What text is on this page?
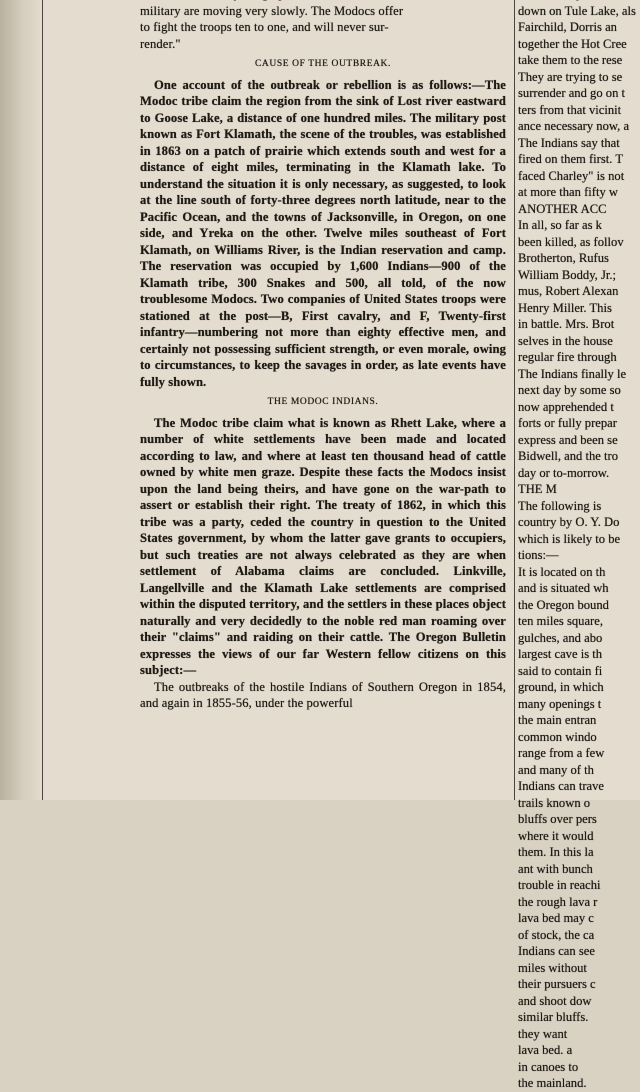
military are moving very slowly. The Modocs offer

to fight the troops ten to one, and will never sur-

render."

CAUSE OF THE OUTBREAK.

One account of the outbreak or rebellion is as follows:—The Modoc tribe claim the region from the sink of Lost river eastward to Goose Lake, a distance of one hundred miles. The military post known as Fort Klamath, the scene of the troubles, was established in 1863 on a patch of prairie which extends south and west for a distance of eight miles, terminating in the Klamath lake. To understand the situation it is only necessary, as suggested, to look at the line south of forty-three degrees north latitude, near to the Pacific Ocean, and the towns of Jacksonville, in Oregon, on one side, and Yreka on the other. Twelve miles southeast of Fort Klamath, on Williams River, is the Indian reservation and camp. The reservation was occupied by 1,600 Indians—900 of the Klamath tribe, 300 Snakes and 500, all told, of the now troublesome Modocs. Two companies of United States troops were stationed at the post—B, First cavalry, and F, Twenty-first infantry—numbering not more than eighty effective men, and certainly not possessing sufficient strength, or even morale, owing to circumstances, to keep the savages in order, as late events have fully shown.

THE MODOC INDIANS.

The Modoc tribe claim what is known as Rhett Lake, where a number of white settlements have been made and located according to law, and where at least ten thousand head of cattle owned by white men graze. Despite these facts the Modocs insist upon the land being theirs, and have gone on the war-path to assert or establish their right. The treaty of 1862, in which this tribe was a party, ceded the country in question to the United States government, by whom the latter gave grants to occupiers, but such treaties are not always celebrated as they are when settlement of Alabama claims are concluded. Linkville, Langellville and the Klamath Lake settlements are comprised within the disputed territory, and the settlers in these places object naturally and very decidedly to the noble red man roaming over their "claims" and raiding on their cattle. The Oregon Bulletin expresses the views of our far Western fellow citizens on this subject:—

The outbreaks of the hostile Indians of Southern Oregon in 1854, and again in 1855-56, under the powerful

down on Tule Lake, als
Fairchild, Dorris an
together the Hot Cree
take them to the rese
They are trying to se
surrender and go on t
ters from that vicinit
ance necessary now, a
The Indians say that
fired on them first. T
faced Charley" is not
at more than fifty w
ANOTHER ACC
In all, so far as k
been killed, as follov
Brotherton, Rufus
William Boddy, Jr.;
mus, Robert Alexan
Henry Miller. This
in battle. Mrs. Brot
selves in the house
regular fire through
The Indians finally le
next day by some so
now apprehended t
forts or fully prepar
express and been se
Bidwell, and the tro
day or to-morrow.
THE M
The following is
country by O. Y. Do
which is likely to be
tions:—
It is located on th
and is situated wh
the Oregon bound
ten miles square,
gulches, and abo
largest cave is th
said to contain fi
ground, in which
many openings t
the main entran
common windo
range from a few
and many of th
Indians can trave
trails known o
bluffs over pers
where it would
them. In this la
ant with bunch
trouble in reachi
the rough lava r
lava bed may c
of stock, the ca
Indians can see
miles without
their pursuers c
and shoot dow
similar bluffs.
they want
lava bed. a
in canoes to
the mainland.
